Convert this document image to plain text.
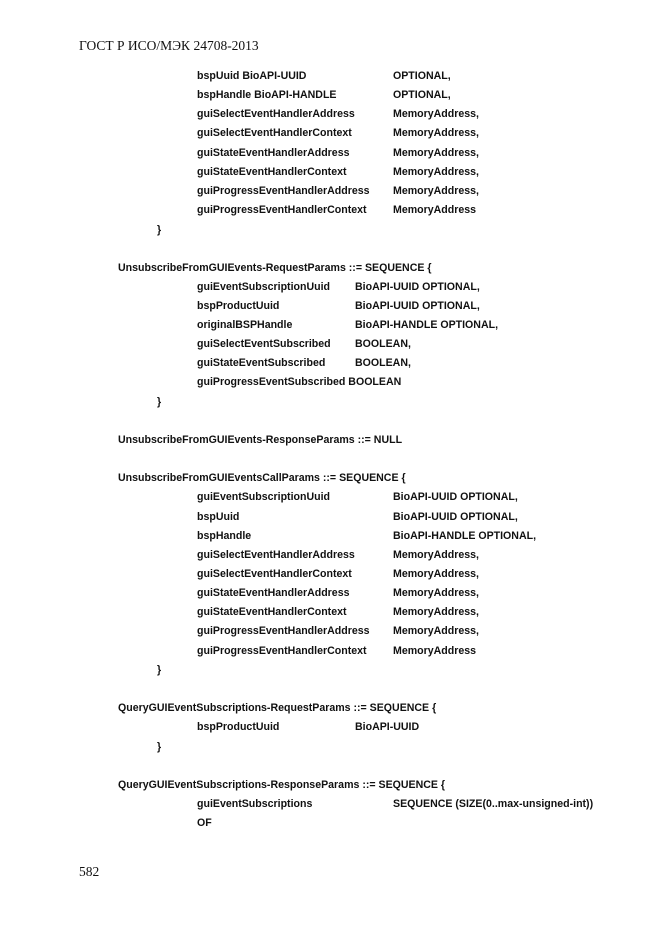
ГОСТ Р ИСО/МЭК 24708-2013
bspUuid BioAPI-UUID	OPTIONAL,
bspHandle BioAPI-HANDLE	OPTIONAL,
guiSelectEventHandlerAddress	MemoryAddress,
guiSelectEventHandlerContext	MemoryAddress,
guiStateEventHandlerAddress	MemoryAddress,
guiStateEventHandlerContext	MemoryAddress,
guiProgressEventHandlerAddress MemoryAddress,
guiProgressEventHandlerContext MemoryAddress
}
UnsubscribeFromGUIEvents-RequestParams ::= SEQUENCE {
guiEventSubscriptionUuid BioAPI-UUID OPTIONAL,
bspProductUuid	BioAPI-UUID OPTIONAL,
originalBSPHandle	BioAPI-HANDLE OPTIONAL,
guiSelectEventSubscribed BOOLEAN,
guiStateEventSubscribed	BOOLEAN,
guiProgressEventSubscribed BOOLEAN
}
UnsubscribeFromGUIEvents-ResponseParams ::= NULL
UnsubscribeFromGUIEventsCallParams ::= SEQUENCE {
guiEventSubscriptionUuid	BioAPI-UUID OPTIONAL,
bspUuid	BioAPI-UUID OPTIONAL,
bspHandle	BioAPI-HANDLE OPTIONAL,
guiSelectEventHandlerAddress	MemoryAddress,
guiSelectEventHandlerContext	MemoryAddress,
guiStateEventHandlerAddress	MemoryAddress,
guiStateEventHandlerContext	MemoryAddress,
guiProgressEventHandlerAddress MemoryAddress,
guiProgressEventHandlerContext MemoryAddress
}
QueryGUIEventSubscriptions-RequestParams ::= SEQUENCE {
bspProductUuid	BioAPI-UUID
}
QueryGUIEventSubscriptions-ResponseParams ::= SEQUENCE {
guiEventSubscriptions	SEQUENCE (SIZE(0..max-unsigned-int))
OF
582
